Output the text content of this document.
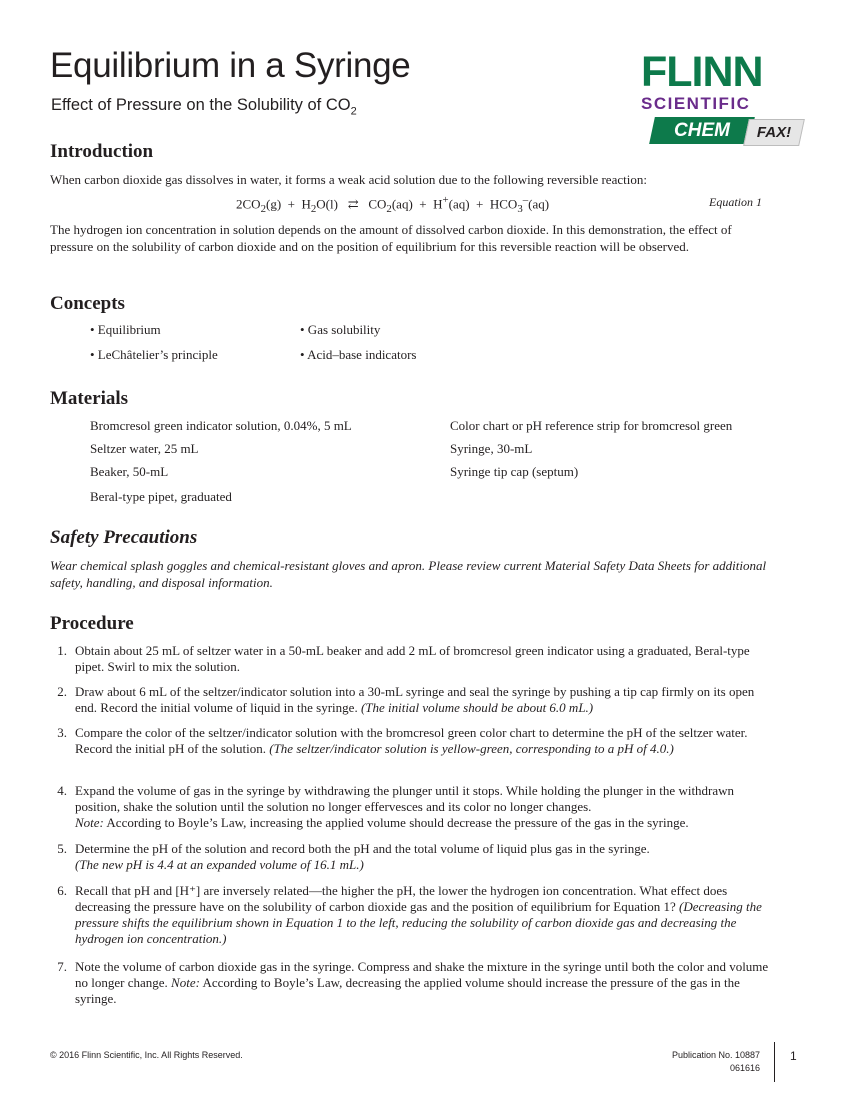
Equilibrium in a Syringe
Effect of Pressure on the Solubility of $CO_2$
FLINN
SCIENTIFIC
CHEM	FAX!
Introduction
When carbon dioxide gas dissolves in water, it forms a weak acid solution due to the following reversible reaction:
$2CO_2(g) + H_2O(l)$   ⇄   $CO_2(aq) + H^+(aq) + HCO_3^-(aq)$	Equation 1
The hydrogen ion concentration in solution depends on the amount of dissolved carbon dioxide. In this demonstration, the effect of pressure on the solubility of carbon dioxide and on the position of equilibrium for this reversible reaction will be observed.
Concepts
• Equilibrium	• Gas solubility
• LeChâtelier’s principle	• Acid–base indicators
Materials
Bromcresol green indicator solution, 0.04%, 5 mL
Seltzer water, 25 mL
Beaker, 50-mL
Beral-type pipet, graduated
Color chart or pH reference strip for bromcresol green
Syringe, 30-mL
Syringe tip cap (septum)
Safety Precautions
Wear chemical splash goggles and chemical-resistant gloves and apron. Please review current Material Safety Data Sheets for additional safety, handling, and disposal information.
Procedure
1. Obtain about 25 mL of seltzer water in a 50-mL beaker and add 2 mL of bromcresol green indicator using a graduated, Beral-type pipet. Swirl to mix the solution.
2. Draw about 6 mL of the seltzer/indicator solution into a 30-mL syringe and seal the syringe by pushing a tip cap firmly on its open end. Record the initial volume of liquid in the syringe. (The initial volume should be about 6.0 mL.)
3. Compare the color of the seltzer/indicator solution with the bromcresol green color chart to determine the pH of the seltzer water. Record the initial pH of the solution. (The seltzer/indicator solution is yellow-green, corresponding to a pH of 4.0.)
4. Expand the volume of gas in the syringe by withdrawing the plunger until it stops. While holding the plunger in the withdrawn position, shake the solution until the solution no longer effervesces and its color no longer changes.
Note: According to Boyle’s Law, increasing the applied volume should decrease the pressure of the gas in the syringe.
5. Determine the pH of the solution and record both the pH and the total volume of liquid plus gas in the syringe.
(The new pH is 4.4 at an expanded volume of 16.1 mL.)
6. Recall that pH and [H⁺] are inversely related—the higher the pH, the lower the hydrogen ion concentration. What effect does decreasing the pressure have on the solubility of carbon dioxide gas and the position of equilibrium for Equation 1? (Decreasing the pressure shifts the equilibrium shown in Equation 1 to the left, reducing the solubility of carbon dioxide gas and decreasing the hydrogen ion concentration.)
7. Note the volume of carbon dioxide gas in the syringe. Compress and shake the mixture in the syringe until both the color and volume no longer change. Note: According to Boyle’s Law, decreasing the applied volume should increase the pressure of the gas in the syringe.
© 2016 Flinn Scientific, Inc. All Rights Reserved.	Publication No. 10887
061616
1
